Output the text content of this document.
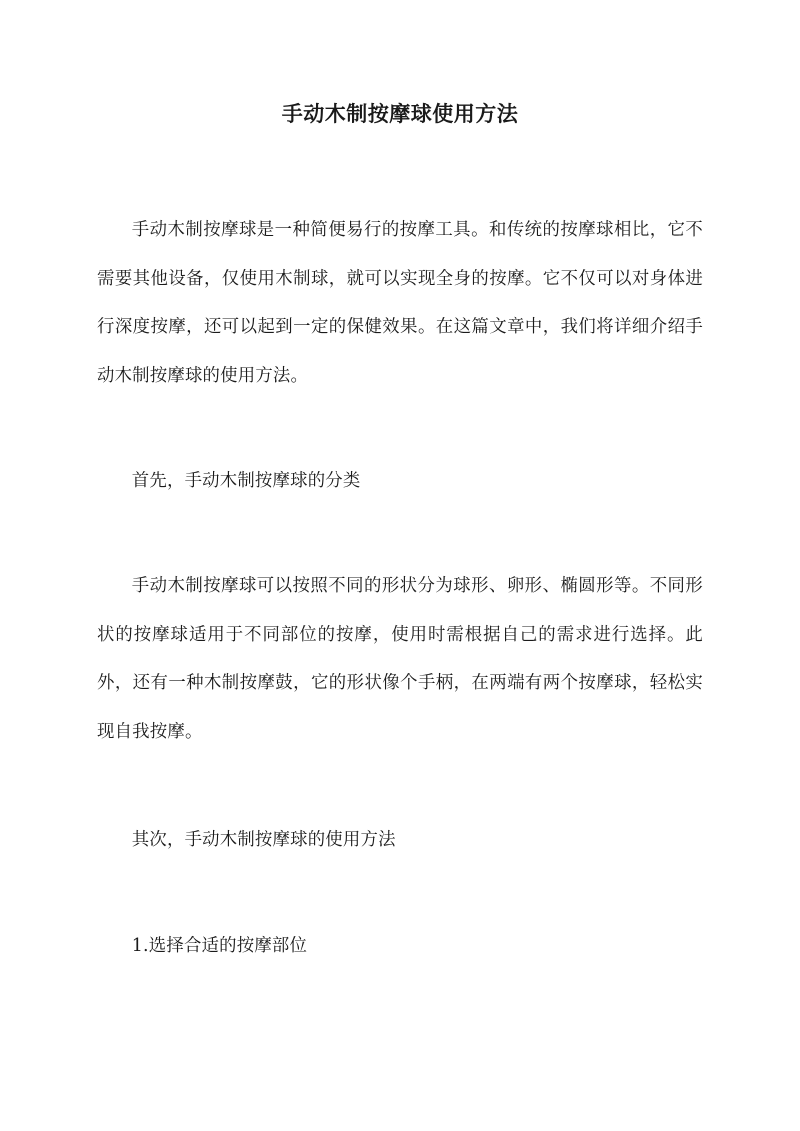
手动木制按摩球使用方法

手动木制按摩球是一种简便易行的按摩工具。和传统的按摩球相比，它不需要其他设备，仅使用木制球，就可以实现全身的按摩。它不仅可以对身体进行深度按摩，还可以起到一定的保健效果。在这篇文章中，我们将详细介绍手动木制按摩球的使用方法。

首先，手动木制按摩球的分类

手动木制按摩球可以按照不同的形状分为球形、卵形、椭圆形等。不同形状的按摩球适用于不同部位的按摩，使用时需根据自己的需求进行选择。此外，还有一种木制按摩鼓，它的形状像个手柄，在两端有两个按摩球，轻松实现自我按摩。

其次，手动木制按摩球的使用方法

1.选择合适的按摩部位
